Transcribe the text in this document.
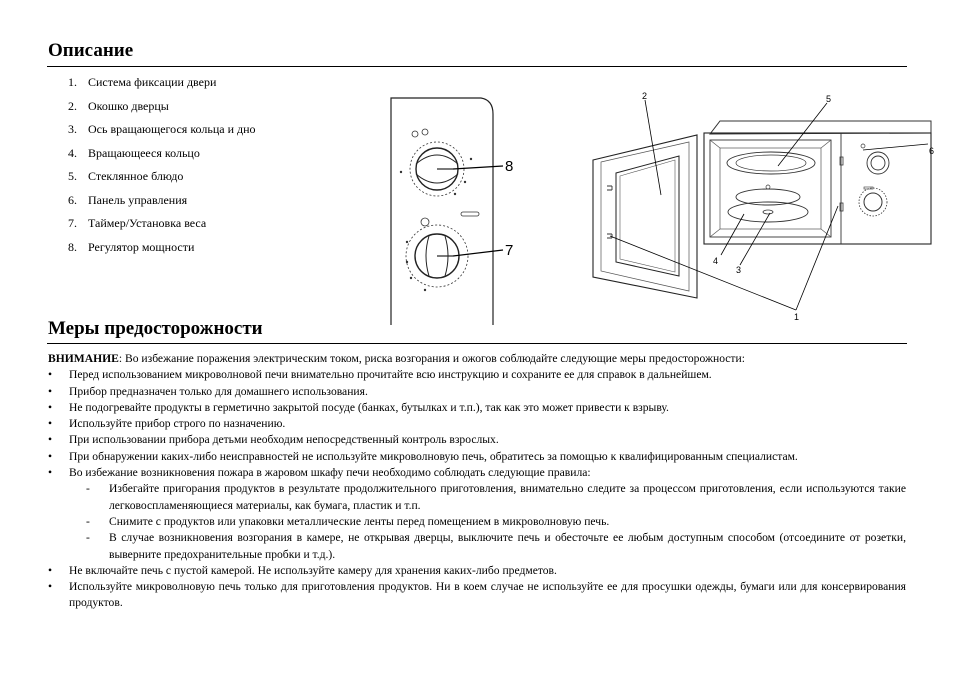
Описание
1. Система фиксации двери
2. Окошко дверцы
3. Ось вращающегося кольца и дно
4. Вращающееся кольцо
5. Стеклянное блюдо
6. Панель управления
7. Таймер/Установка веса
8. Регулятор мощности
8
7
2	5
6
4
3
1
Меры предосторожности

ВНИМАНИЕ: Во избежание поражения электрическим током, риска возгорания и ожогов соблюдайте следующие меры предосторожности:

•	Перед использованием микроволновой печи внимательно прочитайте всю инструкцию и сохраните ее для справок в дальнейшем.
•	Прибор предназначен только для домашнего использования.
•	Не подогревайте продукты в герметично закрытой посуде (банках, бутылках и т.п.), так как это может привести к взрыву.
•	Используйте прибор строго по назначению.
•	При использовании прибора детьми необходим непосредственный контроль взрослых.
•	При обнаружении каких-либо неисправностей не используйте микроволновую печь, обратитесь за помощью к квалифицированным специалистам.
•	Во избежание возникновения пожара в жаровом шкафу печи необходимо соблюдать следующие правила:
-	Избегайте пригорания продуктов в результате продолжительного приготовления, внимательно следите за процессом приготовления, если используются такие легковоспламеняющиеся материалы, как бумага, пластик и т.п.
-	Снимите с продуктов или упаковки металлические ленты перед помещением в микроволновую печь.
-	В случае возникновения возгорания в камере, не открывая дверцы, выключите печь и обесточьте ее любым доступным способом (отсоедините от розетки, выверните предохранительные пробки и т.д.).
•	Не включайте печь с пустой камерой. Не используйте камеру для хранения каких-либо предметов.
•	Используйте микроволновую печь только для приготовления продуктов. Ни в коем случае не используйте ее для просушки одежды, бумаги или для консервирования продуктов.
